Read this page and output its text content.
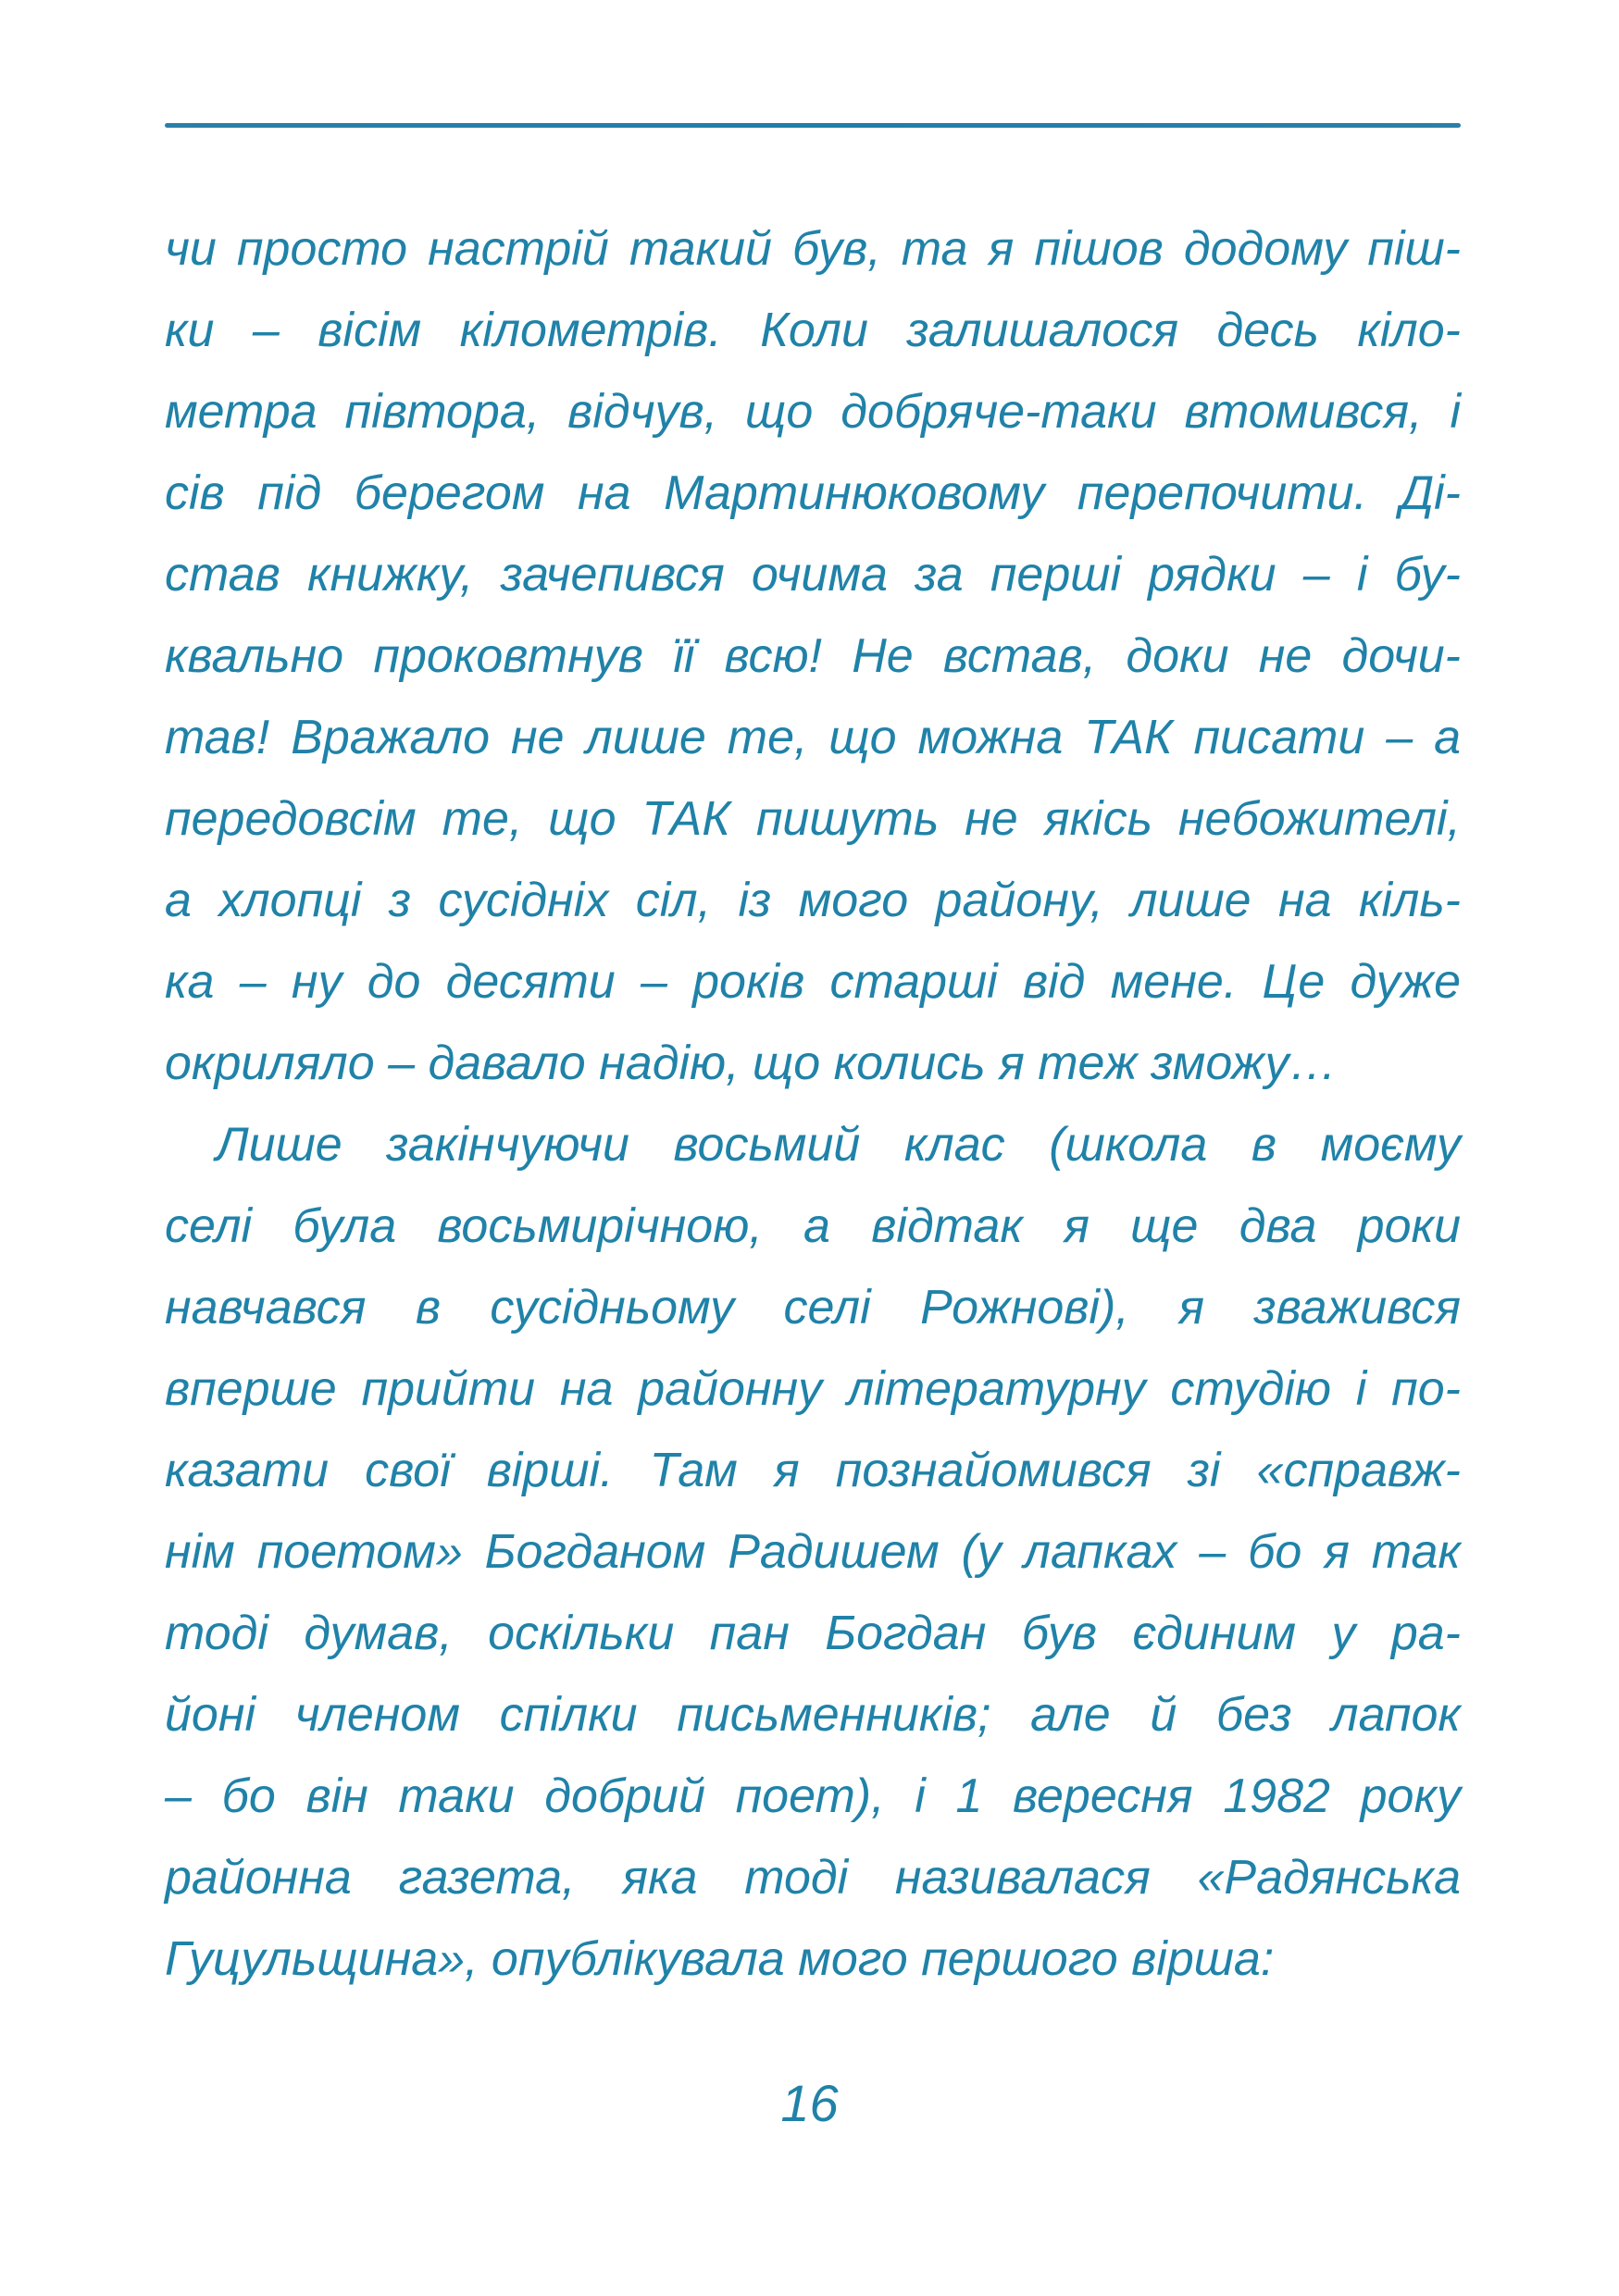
чи просто настрій такий був, та я пішов додому піш-
ки – вісім кілометрів. Коли залишалося десь кіло-
метра півтора, відчув, що добряче-таки втомився, і
сів під берегом на Мартинюковому перепочити. Ді-
став книжку, зачепився очима за перші рядки – і бу-
квально проковтнув її всю! Не встав, доки не дочи-
тав! Вражало не лише те, що можна ТАК писати – а
передовсім те, що ТАК пишуть не якісь небожителі,
а хлопці з сусідніх сіл, із мого району, лише на кіль-
ка – ну до десяти – років старші від мене. Це дуже
окриляло – давало надію, що колись я теж зможу…
Лише закінчуючи восьмий клас (школа в моєму
селі була восьмирічною, а відтак я ще два роки
навчався в сусідньому селі Рожнові), я зважився
вперше прийти на районну літературну студію і по-
казати свої вірші. Там я познайомився зі «справж-
нім поетом» Богданом Радишем (у лапках – бо я так
тоді думав, оскільки пан Богдан був єдиним у ра-
йоні членом спілки письменників; але й без лапок
– бо він таки добрий поет), і 1 вересня 1982 року
районна газета, яка тоді називалася «Радянська
Гуцульщина», опублікувала мого першого вірша:
16
